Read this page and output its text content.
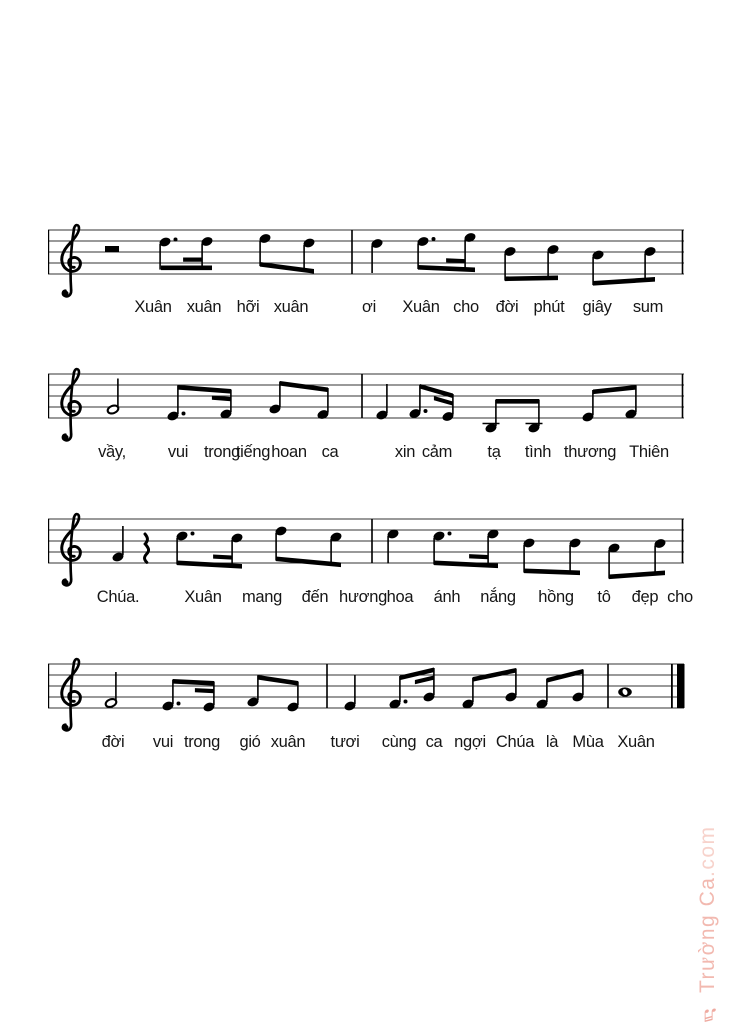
Xuân xuân hỡi xuân	ơi Xuân cho đời phút giây sum
vầy,	vui trong
tiếng hoan ca	xin cảm tạ tình thương Thiên
Chúa.	Xuân mang đến hương hoa ánh nắng hồng tô đẹp cho
đời vui trong gió xuân tươi cùng ca ngợi Chúa là Mùa Xuân
♬
Trường Ca
.com
